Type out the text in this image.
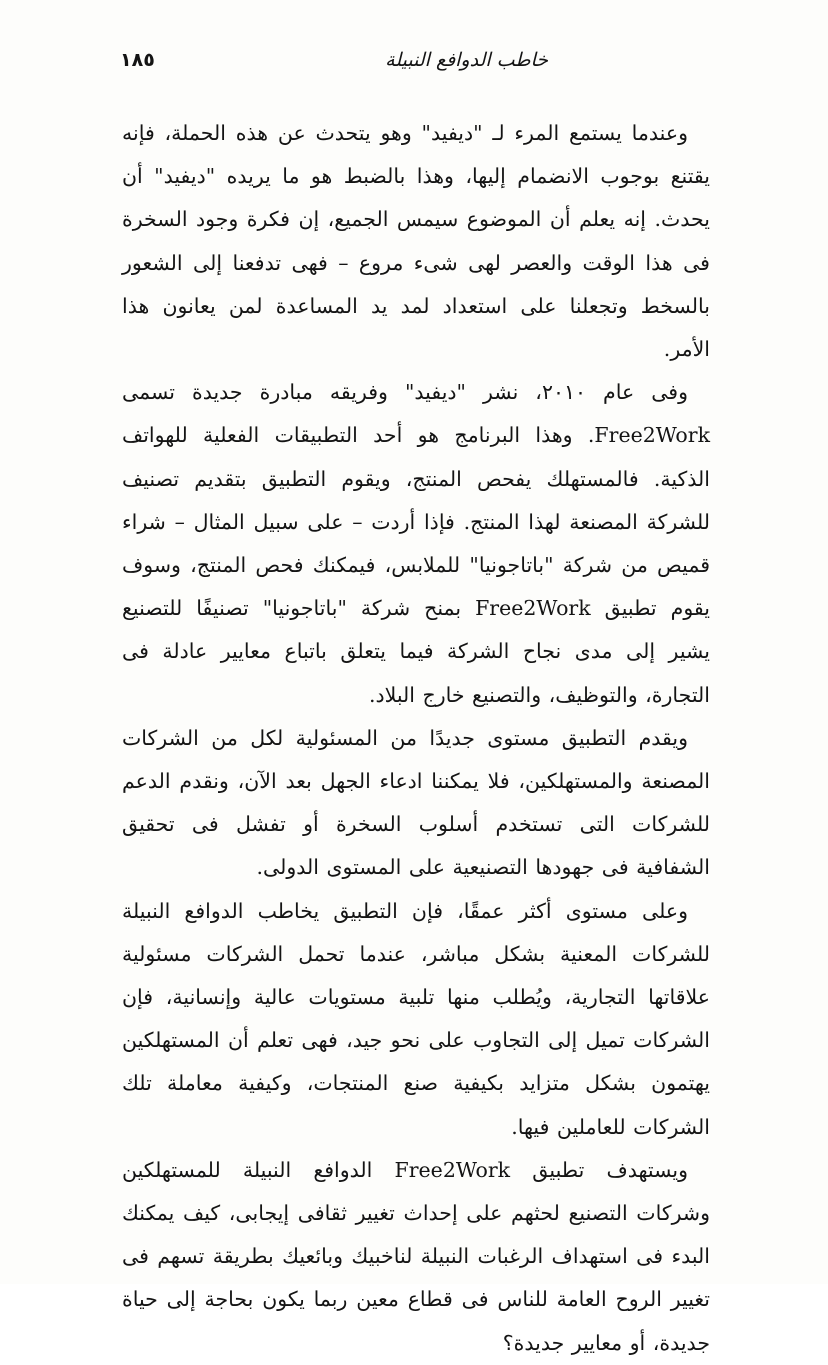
خاطب الدوافع النبيلة
١٨٥

وعندما يستمع المرء لـ "ديفيد" وهو يتحدث عن هذه الحملة، فإنه يقتنع بوجوب الانضمام إليها، وهذا بالضبط هو ما يريده "ديفيد" أن يحدث. إنه يعلم أن الموضوع سيمس الجميع، إن فكرة وجود السخرة فى هذا الوقت والعصر لهى شىء مروع – فهى تدفعنا إلى الشعور بالسخط وتجعلنا على استعداد لمد يد المساعدة لمن يعانون هذا الأمر.

وفى عام ٢٠١٠، نشر "ديفيد" وفريقه مبادرة جديدة تسمى Free2Work. وهذا البرنامج هو أحد التطبيقات الفعلية للهواتف الذكية. فالمستهلك يفحص المنتج، ويقوم التطبيق بتقديم تصنيف للشركة المصنعة لهذا المنتج. فإذا أردت – على سبيل المثال – شراء قميص من شركة "باتاجونيا" للملابس، فيمكنك فحص المنتج، وسوف يقوم تطبيق Free2Work بمنح شركة "باتاجونيا" تصنيفًا للتصنيع يشير إلى مدى نجاح الشركة فيما يتعلق باتباع معايير عادلة فى التجارة، والتوظيف، والتصنيع خارج البلاد.

ويقدم التطبيق مستوى جديدًا من المسئولية لكل من الشركات المصنعة والمستهلكين، فلا يمكننا ادعاء الجهل بعد الآن، ونقدم الدعم للشركات التى تستخدم أسلوب السخرة أو تفشل فى تحقيق الشفافية فى جهودها التصنيعية على المستوى الدولى.

وعلى مستوى أكثر عمقًا، فإن التطبيق يخاطب الدوافع النبيلة للشركات المعنية بشكل مباشر، عندما تحمل الشركات مسئولية علاقاتها التجارية، ويُطلب منها تلبية مستويات عالية وإنسانية، فإن الشركات تميل إلى التجاوب على نحو جيد، فهى تعلم أن المستهلكين يهتمون بشكل متزايد بكيفية صنع المنتجات، وكيفية معاملة تلك الشركات للعاملين فيها.

ويستهدف تطبيق Free2Work الدوافع النبيلة للمستهلكين وشركات التصنيع لحثهم على إحداث تغيير ثقافى إيجابى، كيف يمكنك البدء فى استهداف الرغبات النبيلة لناخبيك وبائعيك بطريقة تسهم فى تغيير الروح العامة للناس فى قطاع معين ربما يكون بحاجة إلى حياة جديدة، أو معايير جديدة؟
